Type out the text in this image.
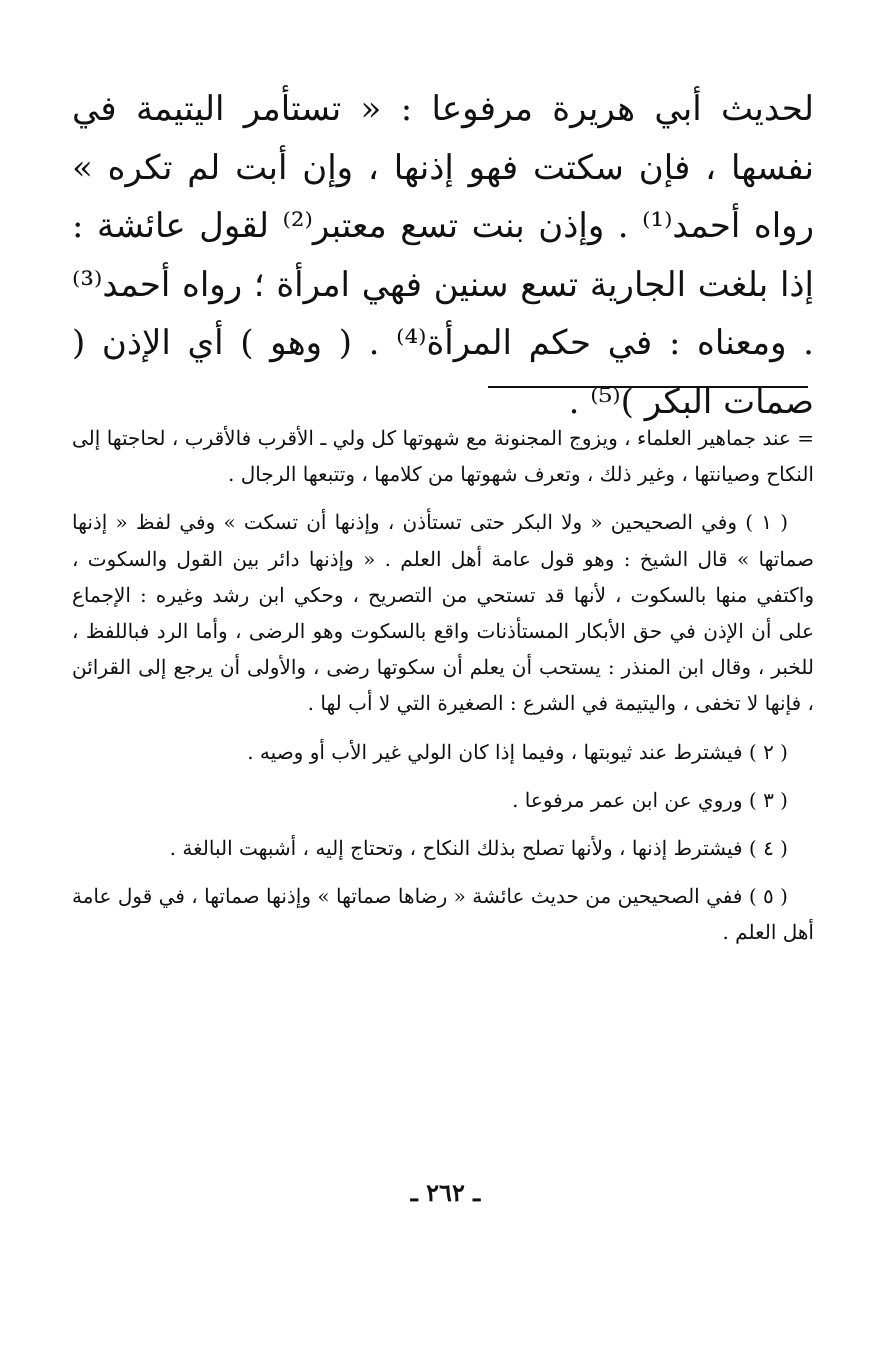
لحديث أبي هريرة مرفوعا : « تستأمر اليتيمة في نفسها ، فإن سكتت فهو إذنها ، وإن أبت لم تكره » رواه أحمد⁽¹⁾ . وإذن بنت تسع معتبر⁽²⁾ لقول عائشة : إذا بلغت الجارية تسع سنين فهي امرأة ؛ رواه أحمد⁽³⁾ . ومعناه : في حكم المرأة⁽⁴⁾ . ( وهو ) أي الإذن ( صمات البكر )⁽⁵⁾ .

= عند جماهير العلماء ، ويزوج المجنونة مع شهوتها كل ولي ـ الأقرب فالأقرب ، لحاجتها إلى النكاح وصيانتها ، وغير ذلك ، وتعرف شهوتها من كلامها ، وتتبعها الرجال .

( ١ ) وفي الصحيحين « ولا البكر حتى تستأذن ، وإذنها أن تسكت » وفي لفظ « إذنها صماتها » قال الشيخ : وهو قول عامة أهل العلم . « وإذنها دائر بين القول والسكوت ، واكتفي منها بالسكوت ، لأنها قد تستحي من التصريح ، وحكي ابن رشد وغيره : الإجماع على أن الإذن في حق الأبكار المستأذنات واقع بالسكوت وهو الرضى ، وأما الرد فباللفظ ، للخبر ، وقال ابن المنذر : يستحب أن يعلم أن سكوتها رضى ، والأولى أن يرجع إلى القرائن ، فإنها لا تخفى ، واليتيمة في الشرع : الصغيرة التي لا أب لها .

( ٢ ) فيشترط عند ثيوبتها ، وفيما إذا كان الولي غير الأب أو وصيه .

( ٣ ) وروي عن ابن عمر مرفوعا .

( ٤ ) فيشترط إذنها ، ولأنها تصلح بذلك النكاح ، وتحتاج إليه ، أشبهت البالغة .

( ٥ ) ففي الصحيحين من حديث عائشة « رضاها صماتها » وإذنها صماتها ، في قول عامة أهل العلم .

ـ ٢٦٢ ـ
